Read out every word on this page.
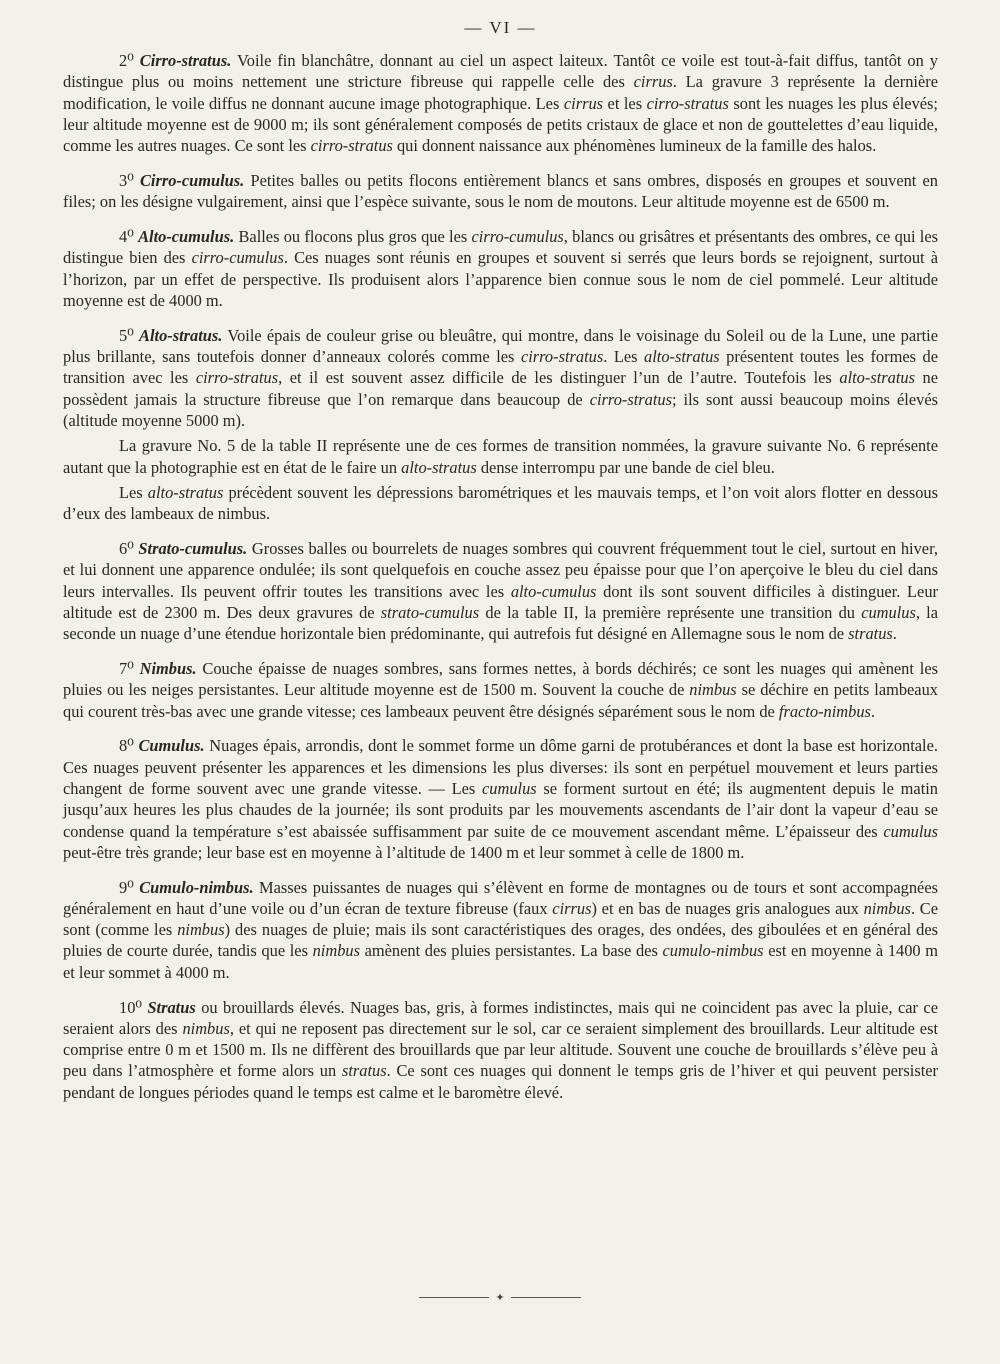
— VI —

2⁰ Cirro-stratus. Voile fin blanchâtre, donnant au ciel un aspect laiteux. Tantôt ce voile est tout-à-fait diffus, tantôt on y distingue plus ou moins nettement une stricture fibreuse qui rappelle celle des cirrus. La gravure 3 représente la dernière modification, le voile diffus ne donnant aucune image photographique. Les cirrus et les cirro-stratus sont les nuages les plus élevés; leur altitude moyenne est de 9000 m; ils sont généralement composés de petits cristaux de glace et non de gouttelettes d’eau liquide, comme les autres nuages. Ce sont les cirro-stratus qui donnent naissance aux phénomènes lumineux de la famille des halos.

3⁰ Cirro-cumulus. Petites balles ou petits flocons entièrement blancs et sans ombres, disposés en groupes et souvent en files; on les désigne vulgairement, ainsi que l’espèce suivante, sous le nom de moutons. Leur altitude moyenne est de 6500 m.

4⁰ Alto-cumulus. Balles ou flocons plus gros que les cirro-cumulus, blancs ou grisâtres et présentants des ombres, ce qui les distingue bien des cirro-cumulus. Ces nuages sont réunis en groupes et souvent si serrés que leurs bords se rejoignent, surtout à l’horizon, par un effet de perspective. Ils produisent alors l’apparence bien connue sous le nom de ciel pommelé. Leur altitude moyenne est de 4000 m.

5⁰ Alto-stratus. Voile épais de couleur grise ou bleuâtre, qui montre, dans le voisinage du Soleil ou de la Lune, une partie plus brillante, sans toutefois donner d’anneaux colorés comme les cirro-stratus. Les alto-stratus présentent toutes les formes de transition avec les cirro-stratus, et il est souvent assez difficile de les distinguer l’un de l’autre. Toutefois les alto-stratus ne possèdent jamais la structure fibreuse que l’on remarque dans beaucoup de cirro-stratus; ils sont aussi beaucoup moins élevés (altitude moyenne 5000 m).

La gravure No. 5 de la table II représente une de ces formes de transition nommées, la gravure suivante No. 6 représente autant que la photographie est en état de le faire un alto-stratus dense interrompu par une bande de ciel bleu.

Les alto-stratus précèdent souvent les dépressions barométriques et les mauvais temps, et l’on voit alors flotter en dessous d’eux des lambeaux de nimbus.

6⁰ Strato-cumulus. Grosses balles ou bourrelets de nuages sombres qui couvrent fréquemment tout le ciel, surtout en hiver, et lui donnent une apparence ondulée; ils sont quelquefois en couche assez peu épaisse pour que l’on aperçoive le bleu du ciel dans leurs intervalles. Ils peuvent offrir toutes les transitions avec les alto-cumulus dont ils sont souvent difficiles à distinguer. Leur altitude est de 2300 m. Des deux gravures de strato-cumulus de la table II, la première représente une transition du cumulus, la seconde un nuage d’une étendue horizontale bien prédominante, qui autrefois fut désigné en Allemagne sous le nom de stratus.

7⁰ Nimbus. Couche épaisse de nuages sombres, sans formes nettes, à bords déchirés; ce sont les nuages qui amènent les pluies ou les neiges persistantes. Leur altitude moyenne est de 1500 m. Souvent la couche de nimbus se déchire en petits lambeaux qui courent très-bas avec une grande vitesse; ces lambeaux peuvent être désignés séparément sous le nom de fracto-nimbus.

8⁰ Cumulus. Nuages épais, arrondis, dont le sommet forme un dôme garni de protubérances et dont la base est horizontale. Ces nuages peuvent présenter les apparences et les dimensions les plus diverses: ils sont en perpétuel mouvement et leurs parties changent de forme souvent avec une grande vitesse. — Les cumulus se forment surtout en été; ils augmentent depuis le matin jusqu’aux heures les plus chaudes de la journée; ils sont produits par les mouvements ascendants de l’air dont la vapeur d’eau se condense quand la température s’est abaissée suffisamment par suite de ce mouvement ascendant même. L’épaisseur des cumulus peut-être très grande; leur base est en moyenne à l’altitude de 1400 m et leur sommet à celle de 1800 m.

9⁰ Cumulo-nimbus. Masses puissantes de nuages qui s’élèvent en forme de montagnes ou de tours et sont accompagnées généralement en haut d’une voile ou d’un écran de texture fibreuse (faux cirrus) et en bas de nuages gris analogues aux nimbus. Ce sont (comme les nimbus) des nuages de pluie; mais ils sont caractéristiques des orages, des ondées, des giboulées et en général des pluies de courte durée, tandis que les nimbus amènent des pluies persistantes. La base des cumulo-nimbus est en moyenne à 1400 m et leur sommet à 4000 m.

10⁰ Stratus ou brouillards élevés. Nuages bas, gris, à formes indistinctes, mais qui ne coincident pas avec la pluie, car ce seraient alors des nimbus, et qui ne reposent pas directement sur le sol, car ce seraient simplement des brouillards. Leur altitude est comprise entre 0 m et 1500 m. Ils ne diffèrent des brouillards que par leur altitude. Souvent une couche de brouillards s’élève peu à peu dans l’atmosphère et forme alors un stratus. Ce sont ces nuages qui donnent le temps gris de l’hiver et qui peuvent persister pendant de longues périodes quand le temps est calme et le baromètre élevé.

✦
